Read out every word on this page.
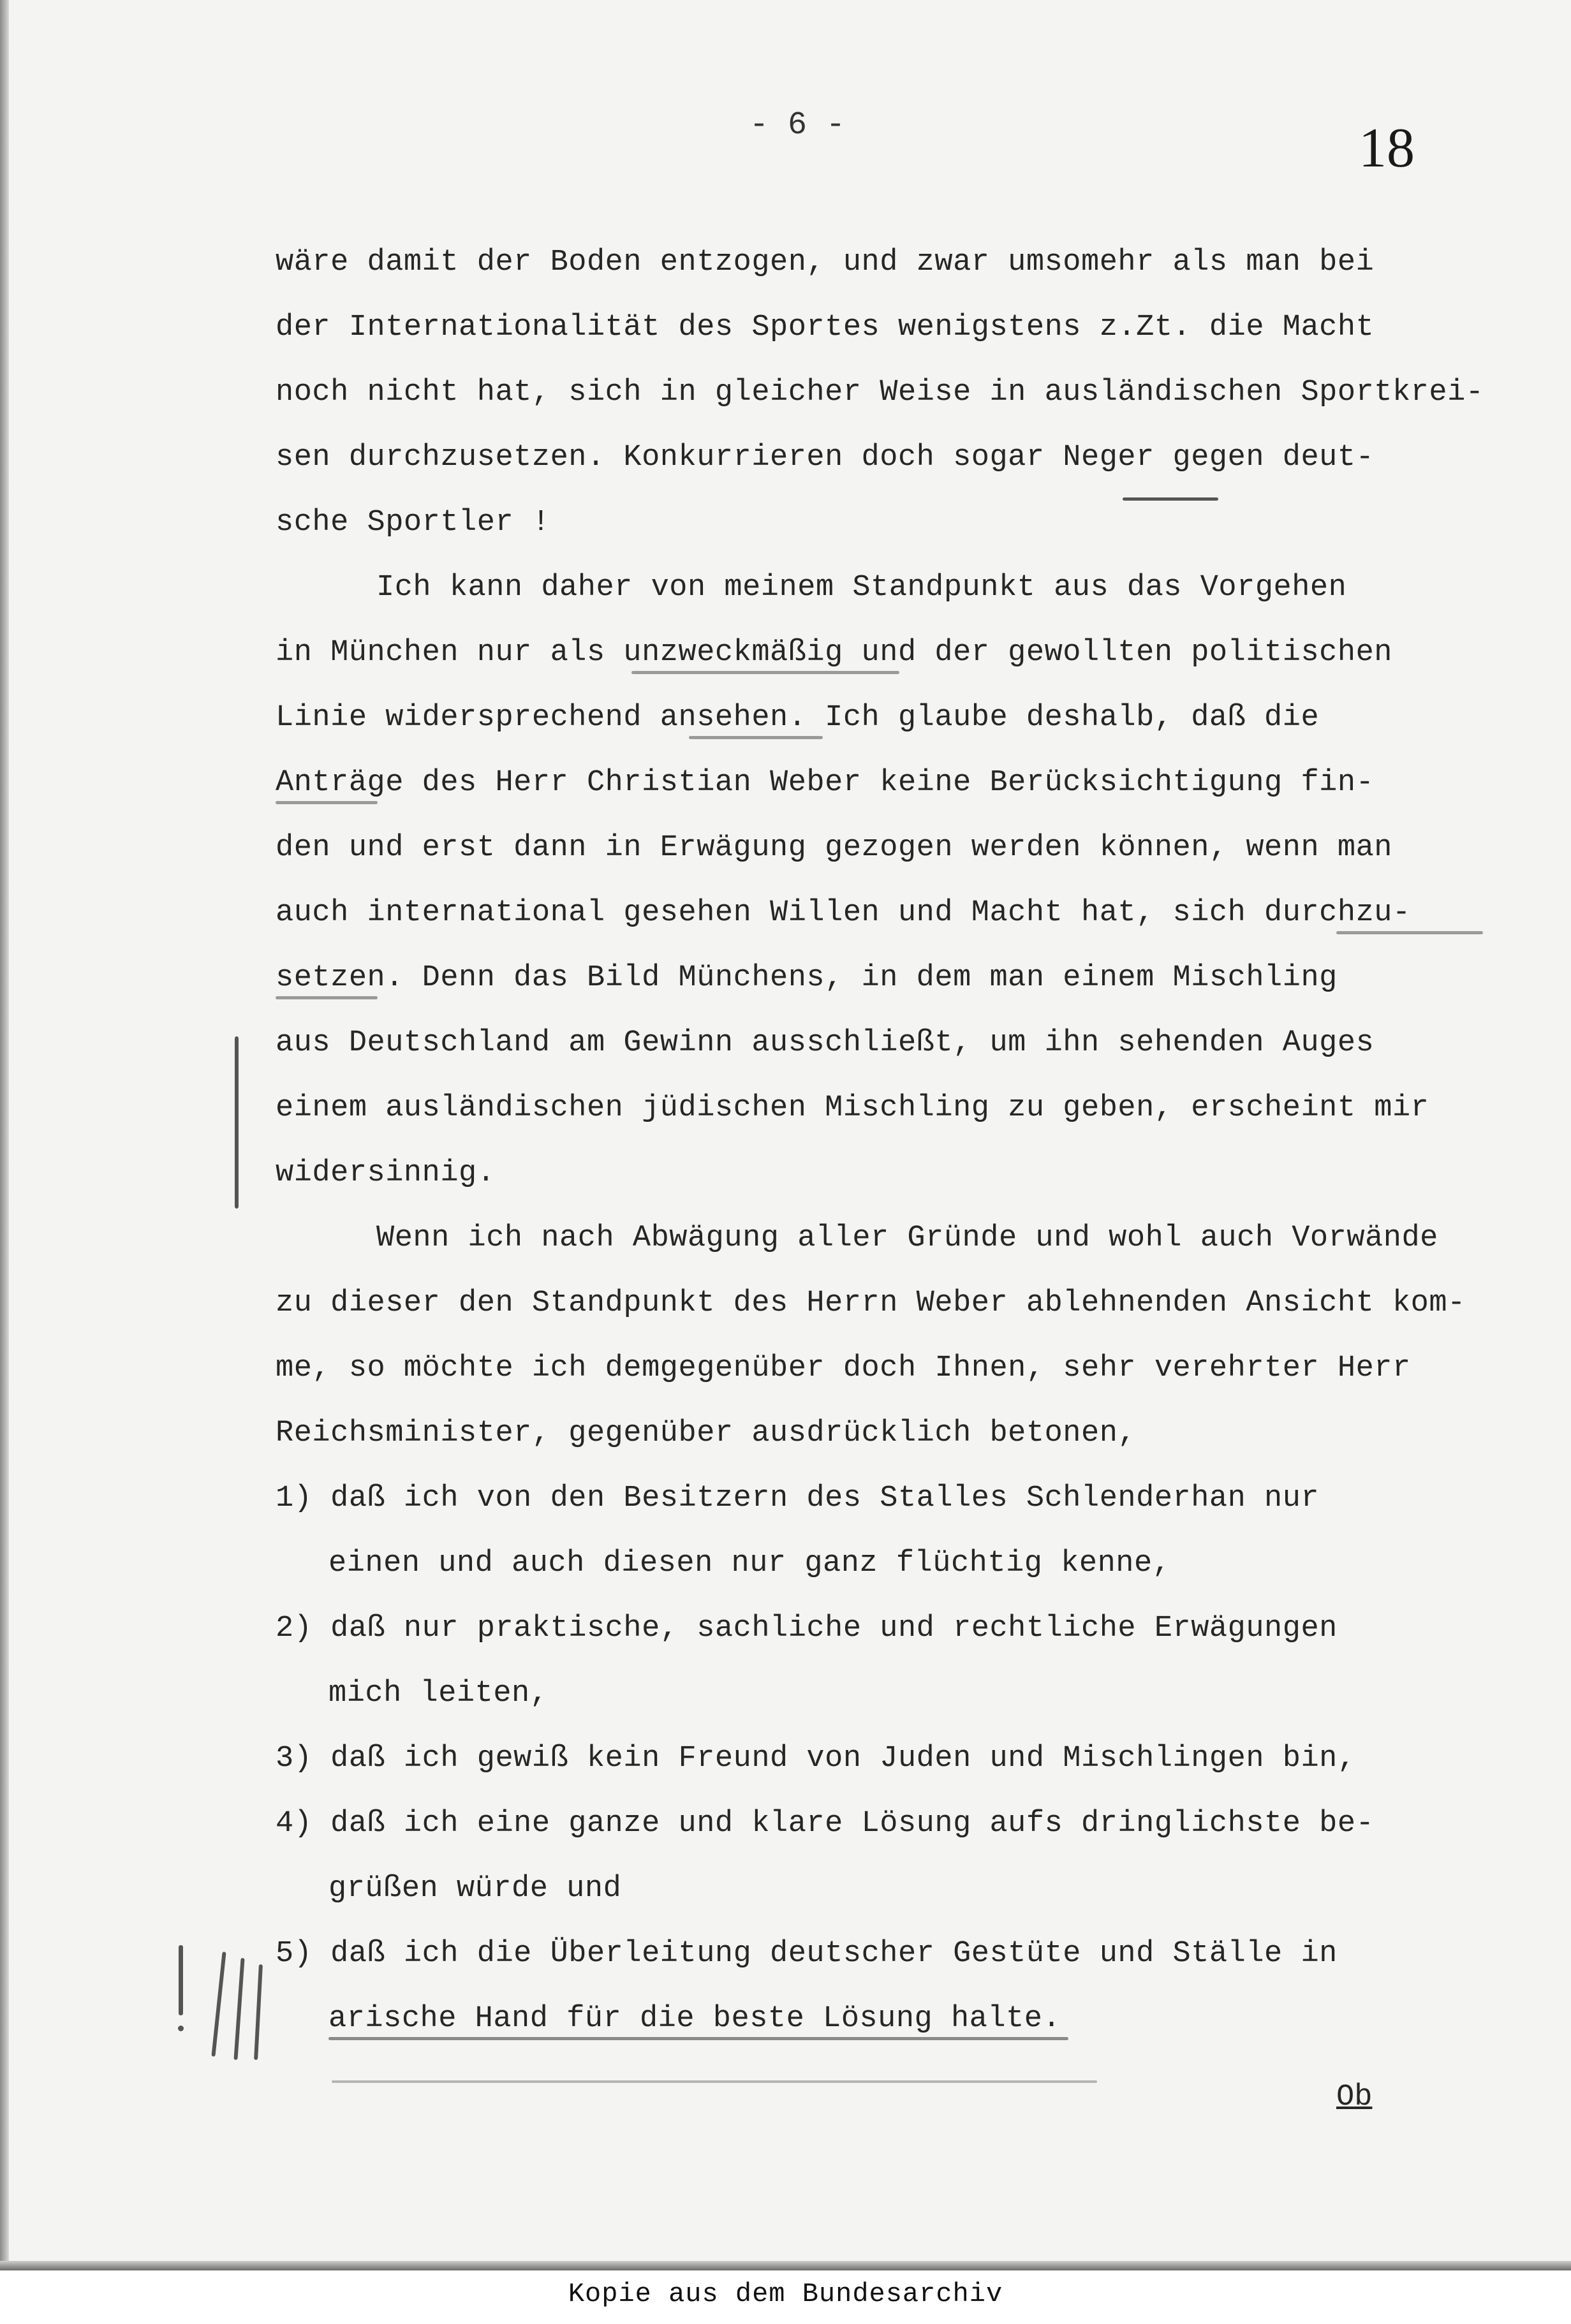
- 6 -	18
wäre damit der Boden entzogen, und zwar umsomehr als man bei
der Internationalität des Sportes wenigstens z.Zt. die Macht
noch nicht hat, sich in gleicher Weise in ausländischen Sportkrei-
sen durchzusetzen. Konkurrieren doch sogar Neger gegen deut-
sche Sportler !
Ich kann daher von meinem Standpunkt aus das Vorgehen
in München nur als unzweckmäßig und der gewollten politischen
Linie widersprechend ansehen. Ich glaube deshalb, daß die
Anträge des Herr Christian Weber keine Berücksichtigung fin-
den und erst dann in Erwägung gezogen werden können, wenn man
auch international gesehen Willen und Macht hat, sich durchzu-
setzen. Denn das Bild Münchens, in dem man einem Mischling
aus Deutschland am Gewinn ausschließt, um ihn sehenden Auges
einem ausländischen jüdischen Mischling zu geben, erscheint mir
widersinnig.
Wenn ich nach Abwägung aller Gründe und wohl auch Vorwände
zu dieser den Standpunkt des Herrn Weber ablehnenden Ansicht kom-
me, so möchte ich demgegenüber doch Ihnen, sehr verehrter Herr
Reichsminister, gegenüber ausdrücklich betonen,
1) daß ich von den Besitzern des Stalles Schlenderhan nur
einen und auch diesen nur ganz flüchtig kenne,
2) daß nur praktische, sachliche und rechtliche Erwägungen
mich leiten,
3) daß ich gewiß kein Freund von Juden und Mischlingen bin,
4) daß ich eine ganze und klare Lösung aufs dringlichste be-
grüßen würde und
5) daß ich die Überleitung deutscher Gestüte und Ställe in
arische Hand für die beste Lösung halte.
Ob
Kopie aus dem Bundesarchiv
